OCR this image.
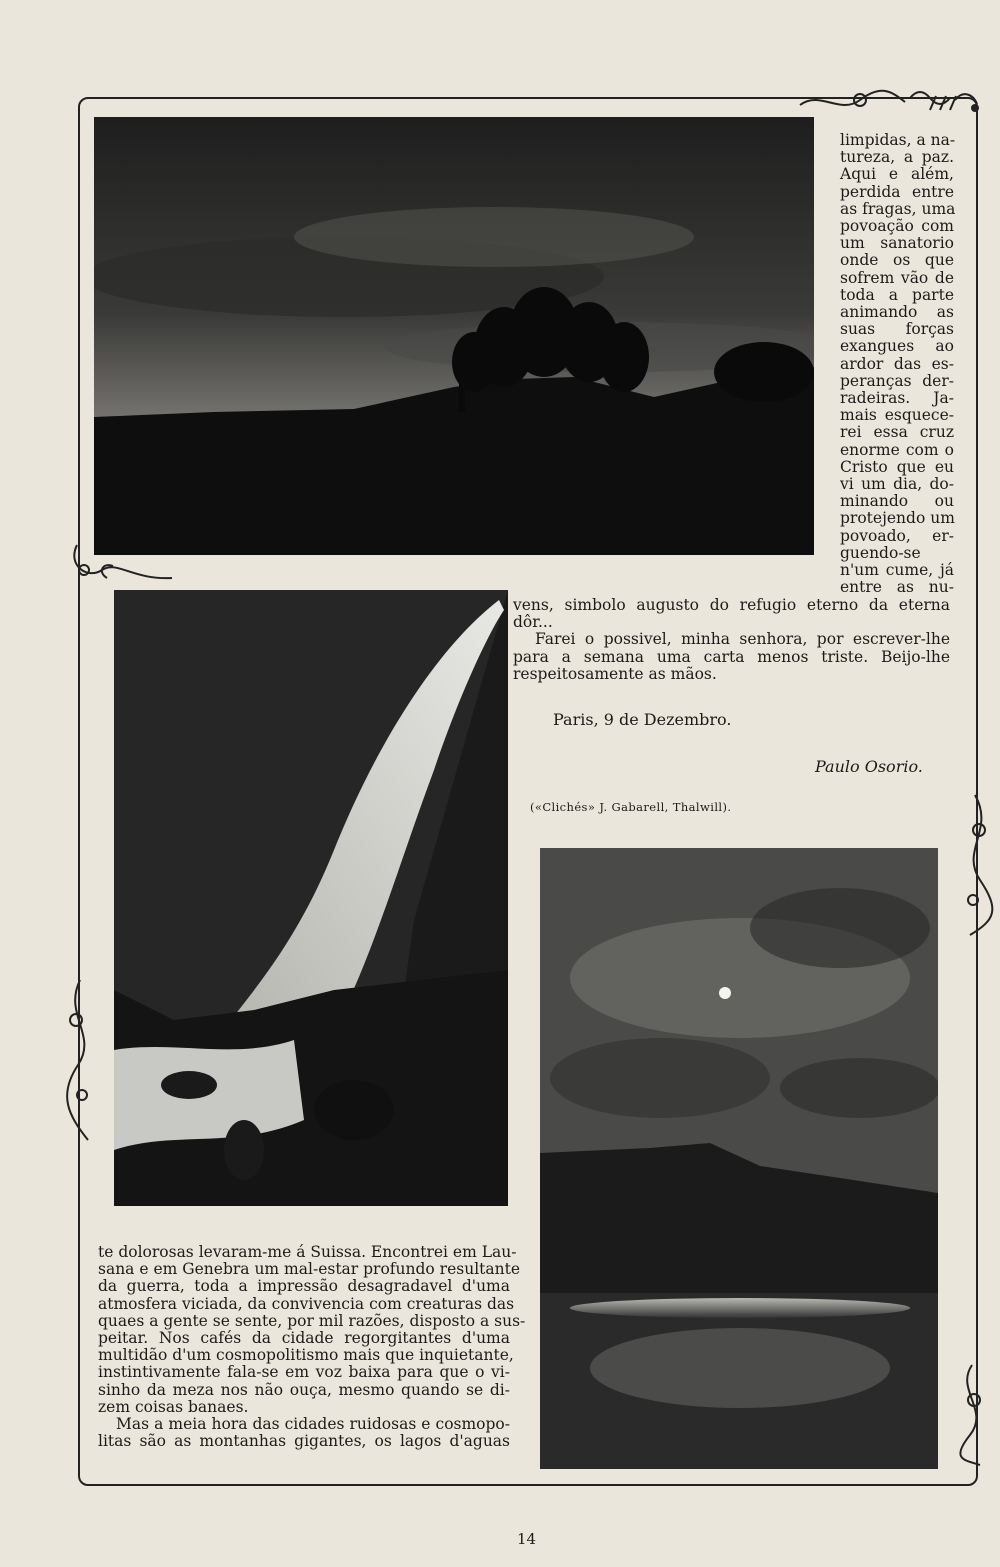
limpidas, a na-
tureza, a paz.
Aqui e além,
perdida entre
as fragas, uma
povoação com
um sanatorio
onde os que
sofrem vão de
toda a parte
animando as
suas forças
exangues ao
ardor das es-
peranças der-
radeiras. Ja-
mais esquece-
rei essa cruz
enorme com o
Cristo que eu
vi um dia, do-
minando ou
protejendo um
povoado, er-
guendo-se
n'um cume, já
entre as nu-
vens, simbolo augusto do refugio eterno da eterna
dôr...
Farei o possivel, minha senhora, por escrever-lhe
para a semana uma carta menos triste. Beijo-lhe
respeitosamente as mãos.
Paris, 9 de Dezembro.
Paulo Osorio.
(«Clichés» J. Gabarell, Thalwill).
te dolorosas levaram-me á Suissa. Encontrei em Lau-
sana e em Genebra um mal-estar profundo resultante
da guerra, toda a impressão desagradavel d'uma
atmosfera viciada, da convivencia com creaturas das
quaes a gente se sente, por mil razões, disposto a sus-
peitar. Nos cafés da cidade regorgitantes d'uma
multidão d'um cosmopolitismo mais que inquietante,
instintivamente fala-se em voz baixa para que o vi-
sinho da meza nos não ouça, mesmo quando se di-
zem coisas banaes.
Mas a meia hora das cidades ruidosas e cosmopo-
litas são as montanhas gigantes, os lagos d'aguas
14
